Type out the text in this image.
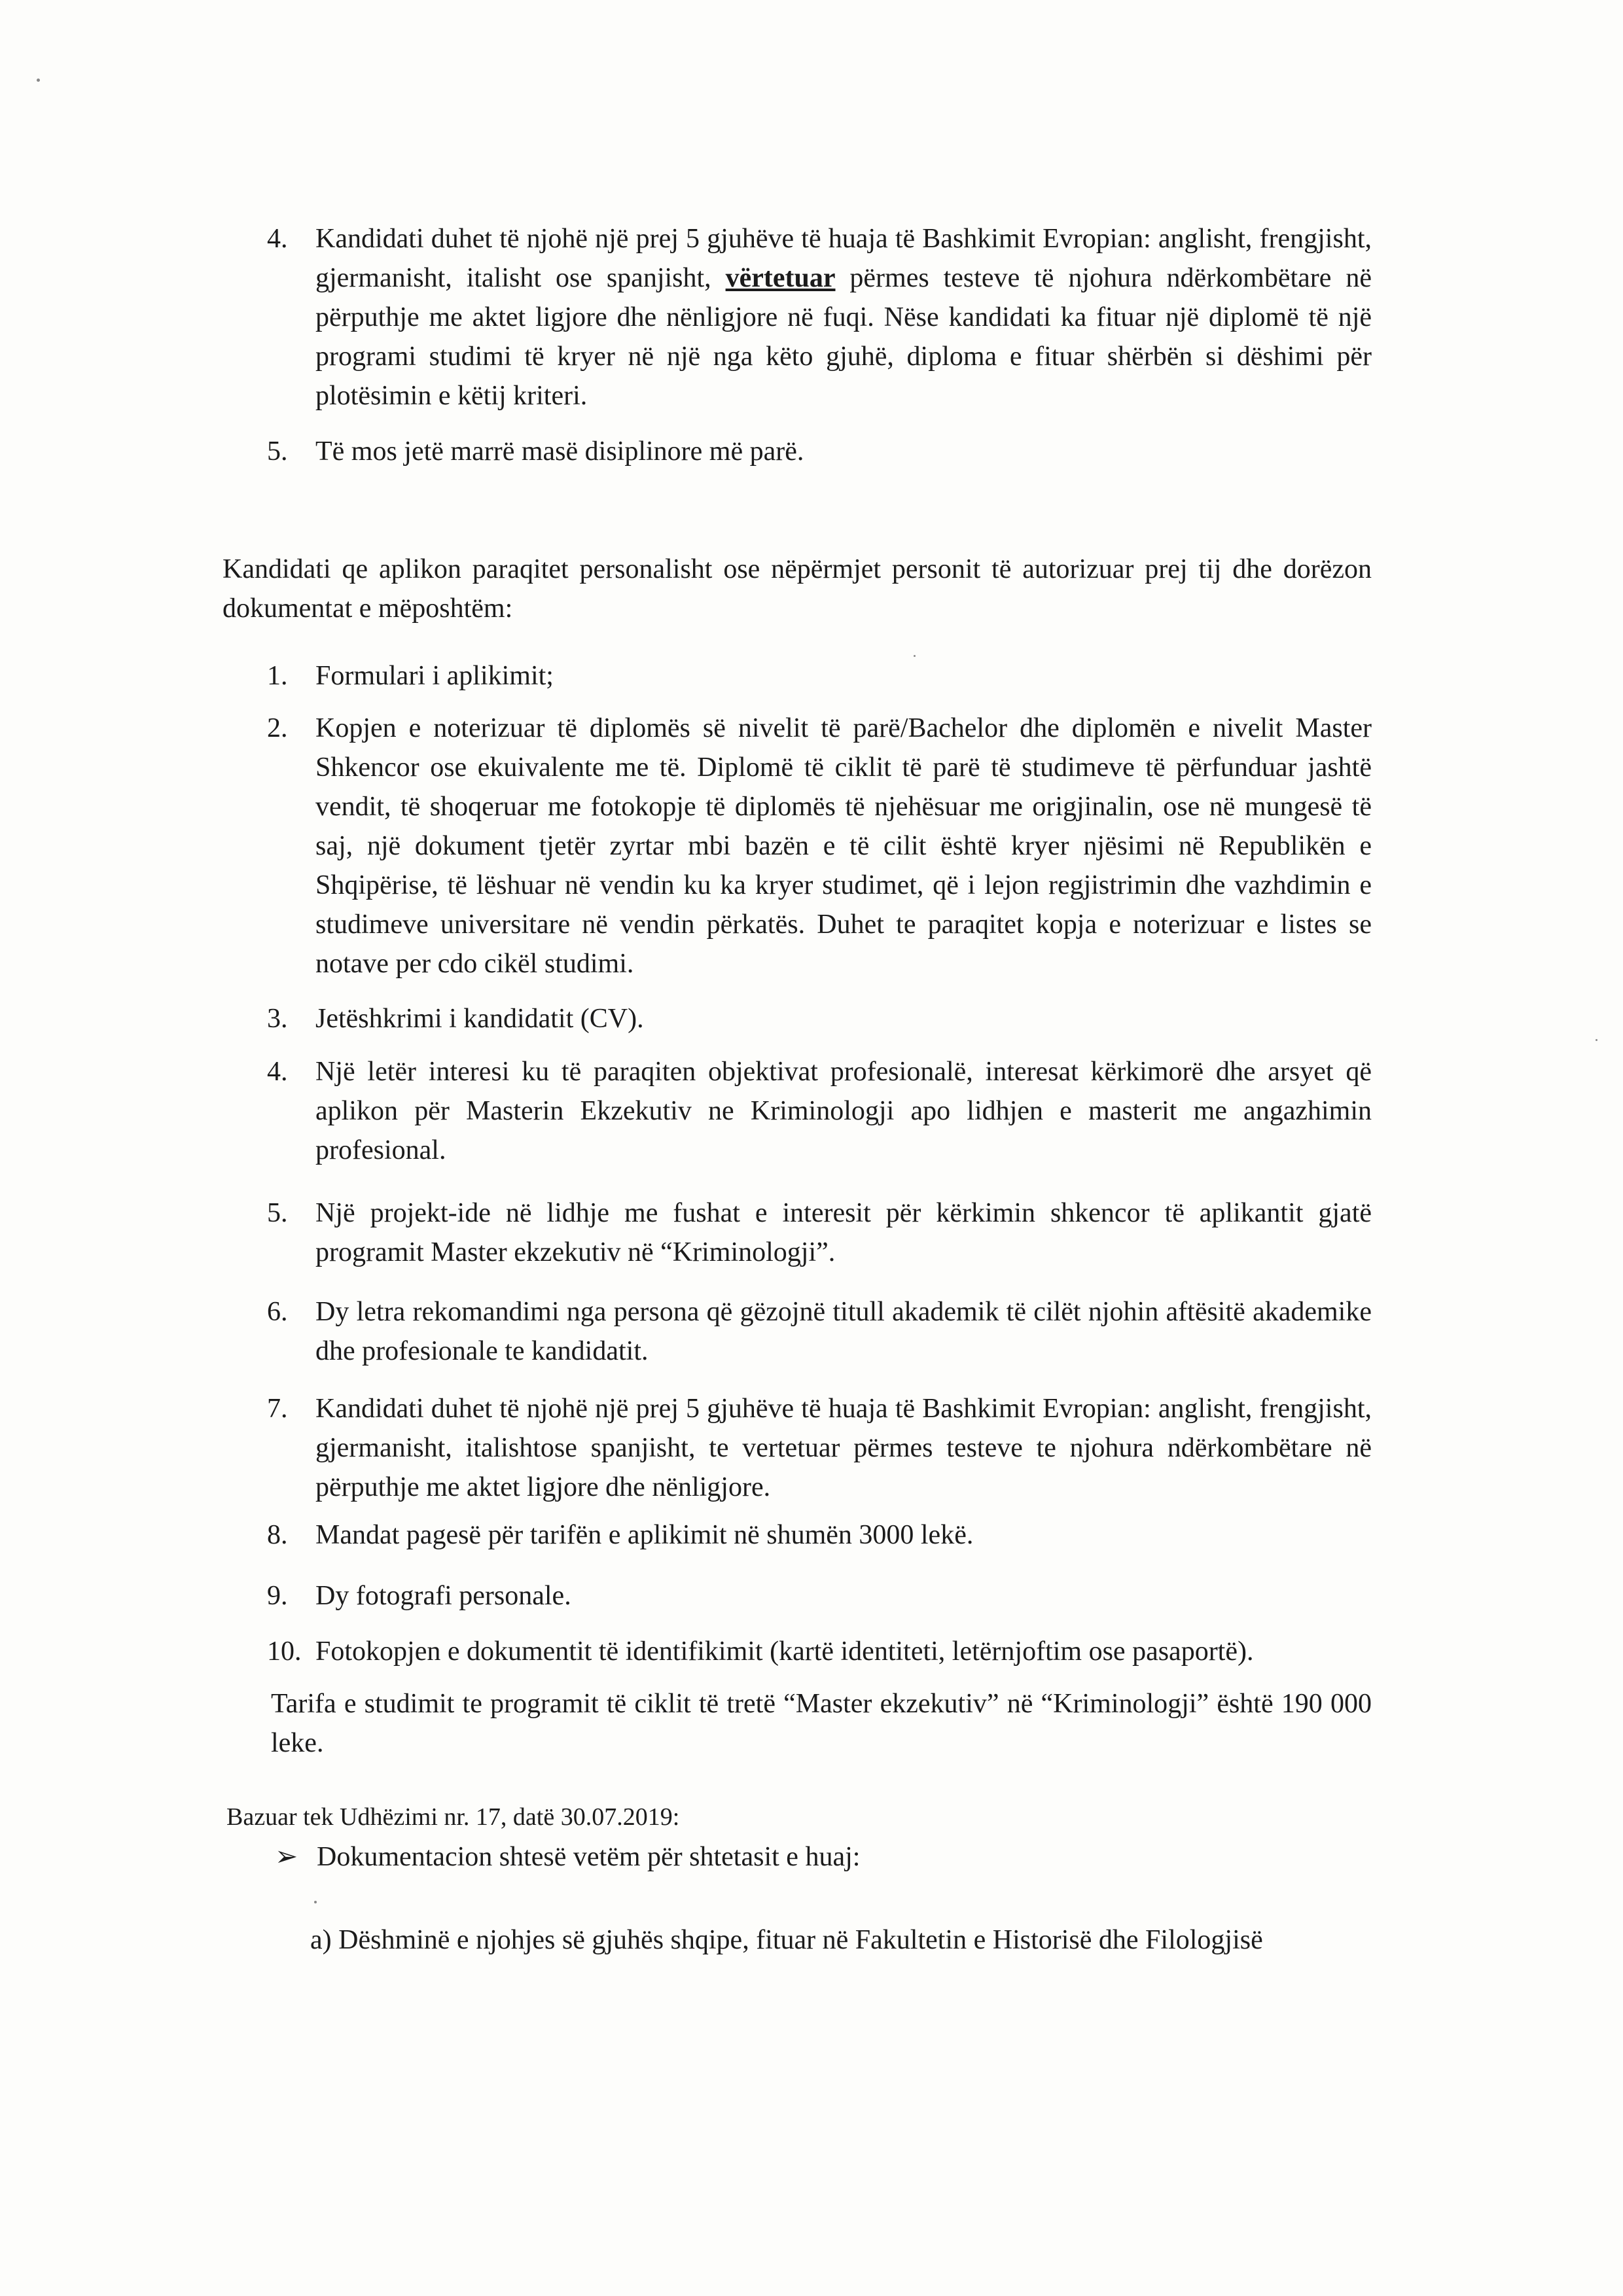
4.	Kandidati duhet të njohë një prej 5 gjuhëve të huaja të Bashkimit Evropian: anglisht, frengjisht, gjermanisht, italisht ose spanjisht, vërtetuar përmes testeve të njohura ndërkombëtare në përputhje me aktet ligjore dhe nënligjore në fuqi. Nëse kandidati ka fituar një diplomë të një programi studimi të kryer në një nga këto gjuhë, diploma e fituar shërbën si dëshimi për plotësimin e këtij kriteri.
5.	Të mos jetë marrë masë disiplinore më parë.

Kandidati qe aplikon paraqitet personalisht ose nëpërmjet personit të autorizuar prej tij dhe dorëzon dokumentat e mëposhtëm:

1.	Formulari i aplikimit;
2.	Kopjen e noterizuar të diplomës së nivelit të parë/Bachelor dhe diplomën e nivelit Master Shkencor ose ekuivalente me të. Diplomë të ciklit të parë të studimeve të përfunduar jashtë vendit, të shoqeruar me fotokopje të diplomës të njehësuar me origjinalin, ose në mungesë të saj, një dokument tjetër zyrtar mbi bazën e të cilit është kryer njësimi në Republikën e Shqipërise, të lëshuar në vendin ku ka kryer studimet, që i lejon regjistrimin dhe vazhdimin e studimeve universitare në vendin përkatës. Duhet te paraqitet kopja e noterizuar e listes se notave per cdo cikël studimi.
3.	Jetëshkrimi i kandidatit (CV).
4.	Një letër interesi ku të paraqiten objektivat profesionalë, interesat kërkimorë dhe arsyet që aplikon për Masterin Ekzekutiv ne Kriminologji apo lidhjen e masterit me angazhimin profesional.
5.	Një projekt-ide në lidhje me fushat e interesit për kërkimin shkencor të aplikantit gjatë programit Master ekzekutiv në “Kriminologji”.
6.	Dy letra rekomandimi nga persona që gëzojnë titull akademik të cilët njohin aftësitë akademike dhe profesionale te kandidatit.
7.	Kandidati duhet të njohë një prej 5 gjuhëve të huaja të Bashkimit Evropian: anglisht, frengjisht, gjermanisht, italishtose spanjisht, te vertetuar përmes testeve te njohura ndërkombëtare në përputhje me aktet ligjore dhe nënligjore.
8.	Mandat pagesë për tarifën e aplikimit në shumën 3000 lekë.
9.	Dy fotografi personale.
10. Fotokopjen e dokumentit të identifikimit (kartë identiteti, letërnjoftim ose pasaportë).

Tarifa e studimit te programit të ciklit të tretë “Master ekzekutiv” në “Kriminologji” është 190 000 leke.

Bazuar tek Udhëzimi nr. 17, datë 30.07.2019:

➢ Dokumentacion shtesë vetëm për shtetasit e huaj:

a) Dëshminë e njohjes së gjuhës shqipe, fituar në Fakultetin e Historisë dhe Filologjisë
